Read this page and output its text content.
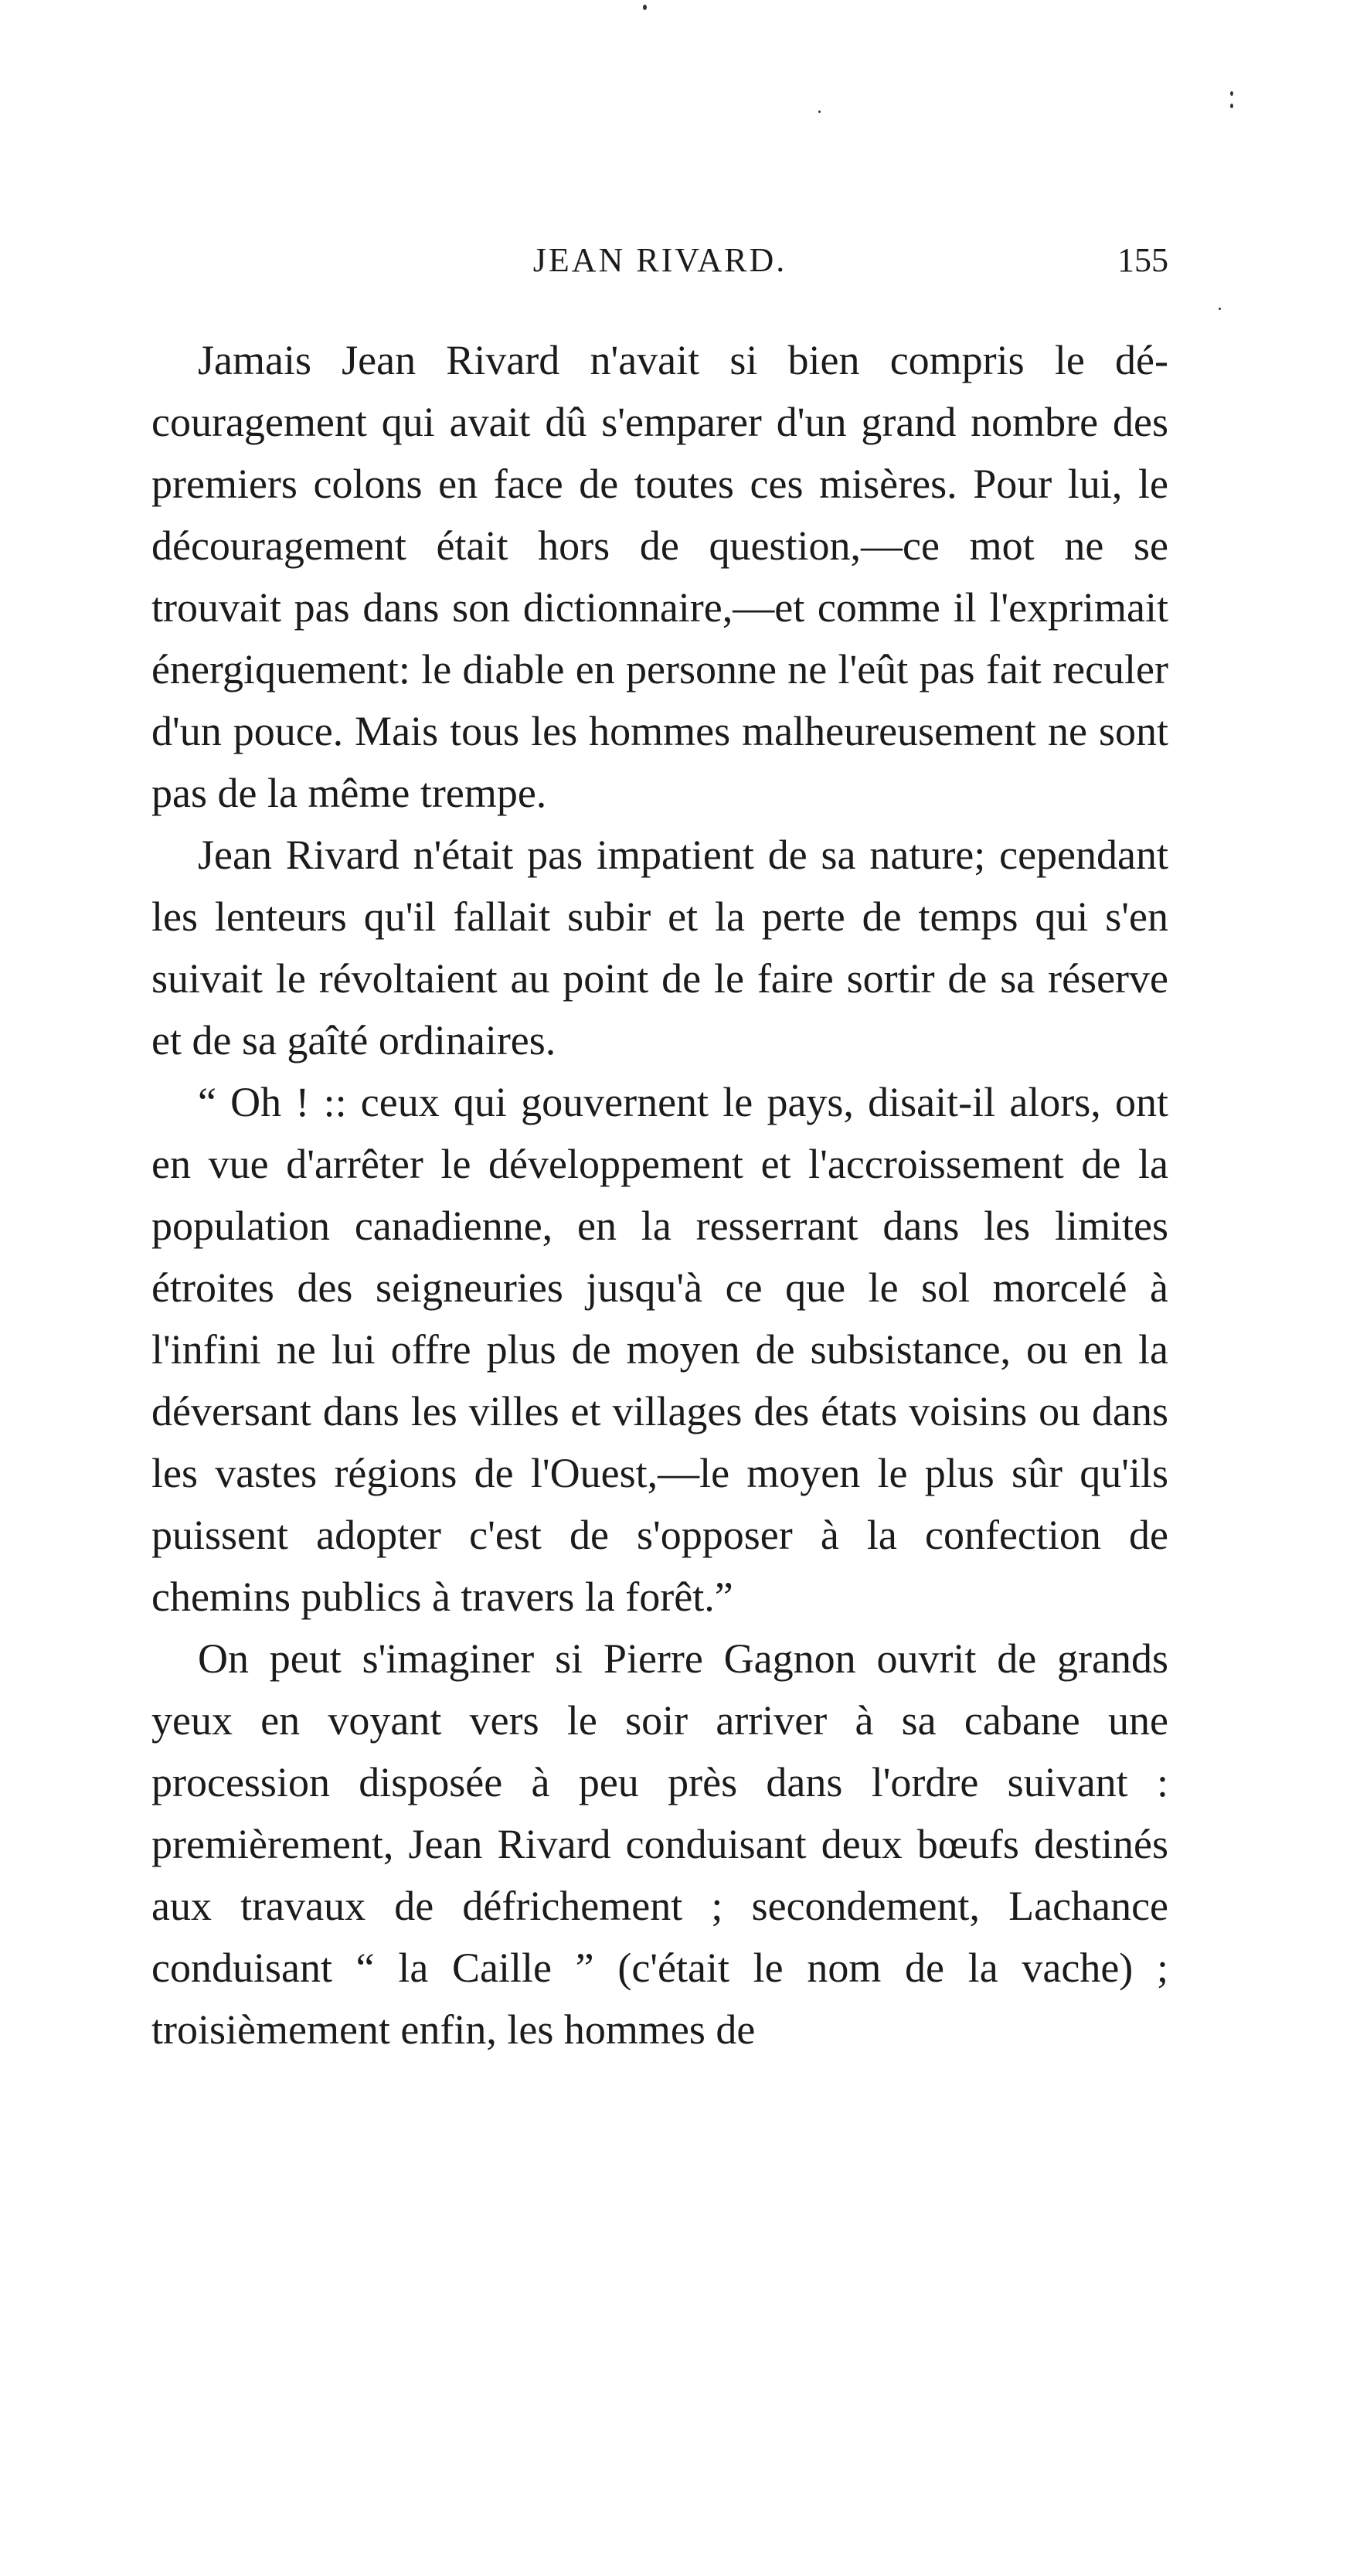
JEAN RIVARD.	155

Jamais Jean Rivard n'avait si bien compris le découragement qui avait dû s'emparer d'un grand nombre des premiers colons en face de toutes ces misères. Pour lui, le découragement était hors de question,—ce mot ne se trouvait pas dans son dictionnaire,—et comme il l'exprimait énergiquement: le diable en personne ne l'eût pas fait reculer d'un pouce. Mais tous les hommes malheureusement ne sont pas de la même trempe.

Jean Rivard n'était pas impatient de sa nature; cependant les lenteurs qu'il fallait subir et la perte de temps qui s'en suivait le révoltaient au point de le faire sortir de sa réserve et de sa gaîté ordinaires.

“ Oh ! :: ceux qui gouvernent le pays, disait-il alors, ont en vue d'arrêter le développement et l'accroissement de la population canadienne, en la resserrant dans les limites étroites des seigneuries jusqu'à ce que le sol morcelé à l'infini ne lui offre plus de moyen de subsistance, ou en la déversant dans les villes et villages des états voisins ou dans les vastes régions de l'Ouest,—le moyen le plus sûr qu'ils puissent adopter c'est de s'opposer à la confection de chemins publics à travers la forêt.”

On peut s'imaginer si Pierre Gagnon ouvrit de grands yeux en voyant vers le soir arriver à sa cabane une procession disposée à peu près dans l'ordre suivant : premièrement, Jean Rivard conduisant deux bœufs destinés aux travaux de défrichement ; secondement, Lachance conduisant “ la Caille ” (c'était le nom de la vache) ; troisièmement enfin, les hommes de
